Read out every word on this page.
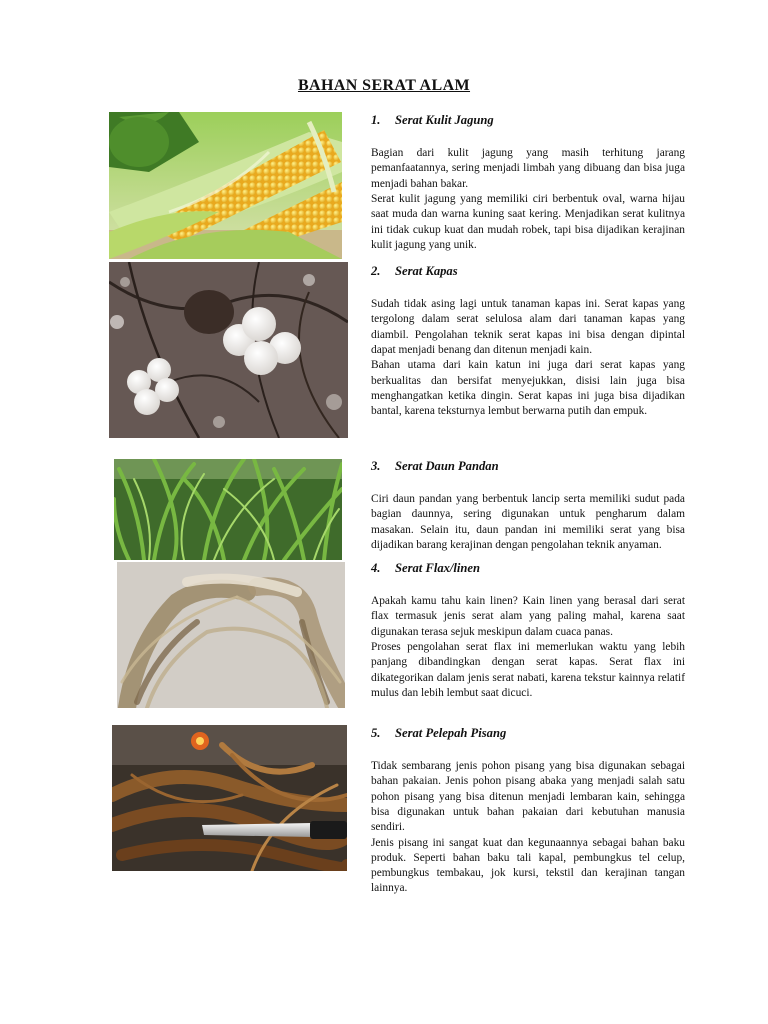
BAHAN SERAT ALAM
1. Serat Kulit Jagung

Bagian dari kulit jagung yang masih terhitung jarang pemanfaatannya, sering menjadi limbah yang dibuang dan bisa juga menjadi bahan bakar.

Serat kulit jagung yang memiliki ciri berbentuk oval, warna hijau saat muda dan warna kuning saat kering. Menjadikan serat kulitnya ini tidak cukup kuat dan mudah robek, tapi bisa dijadikan kerajinan kulit jagung yang unik.

2. Serat Kapas

Sudah tidak asing lagi untuk tanaman kapas ini. Serat kapas yang tergolong dalam serat selulosa alam dari tanaman kapas yang diambil. Pengolahan teknik serat kapas ini bisa dengan dipintal dapat menjadi benang dan ditenun menjadi kain.

Bahan utama dari kain katun ini juga dari serat kapas yang berkualitas dan bersifat menyejukkan, disisi lain juga bisa menghangatkan ketika dingin. Serat kapas ini juga bisa dijadikan bantal, karena teksturnya lembut berwarna putih dan empuk.

3. Serat Daun Pandan

Ciri daun pandan yang berbentuk lancip serta memiliki sudut pada bagian daunnya, sering digunakan untuk pengharum dalam masakan. Selain itu, daun pandan ini memiliki serat yang bisa dijadikan barang kerajinan dengan pengolahan teknik anyaman.

4. Serat Flax/linen

Apakah kamu tahu kain linen? Kain linen yang berasal dari serat flax termasuk jenis serat alam yang paling mahal, karena saat digunakan terasa sejuk meskipun dalam cuaca panas.

Proses pengolahan serat flax ini memerlukan waktu yang lebih panjang dibandingkan dengan serat kapas. Serat flax ini dikategorikan dalam jenis serat nabati, karena tekstur kainnya relatif mulus dan lebih lembut saat dicuci.

5. Serat Pelepah Pisang

Tidak sembarang jenis pohon pisang yang bisa digunakan sebagai bahan pakaian. Jenis pohon pisang abaka yang menjadi salah satu pohon pisang yang bisa ditenun menjadi lembaran kain, sehingga bisa digunakan untuk bahan pakaian dari kebutuhan manusia sendiri.

Jenis pisang ini sangat kuat dan kegunaannya sebagai bahan baku produk. Seperti bahan baku tali kapal, pembungkus tel celup, pembungkus tembakau, jok kursi, tekstil dan kerajinan tangan lainnya.
